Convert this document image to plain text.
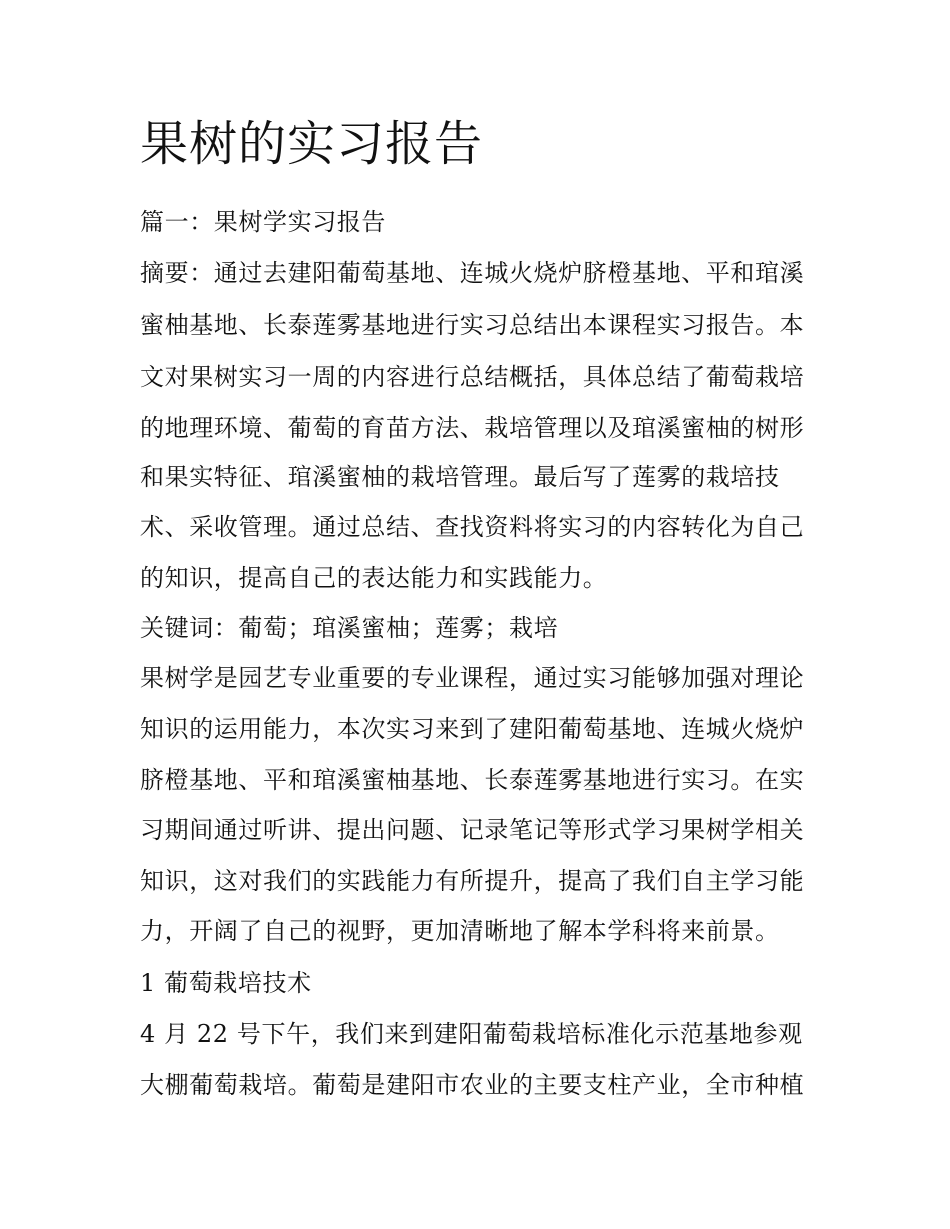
果树的实习报告
篇一：果树学实习报告
摘要：通过去建阳葡萄基地、连城火烧炉脐橙基地、平和琯溪
蜜柚基地、长泰莲雾基地进行实习总结出本课程实习报告。本
文对果树实习一周的内容进行总结概括，具体总结了葡萄栽培
的地理环境、葡萄的育苗方法、栽培管理以及琯溪蜜柚的树形
和果实特征、琯溪蜜柚的栽培管理。最后写了莲雾的栽培技
术、采收管理。通过总结、查找资料将实习的内容转化为自己
的知识，提高自己的表达能力和实践能力。
关键词：葡萄；琯溪蜜柚；莲雾；栽培
果树学是园艺专业重要的专业课程，通过实习能够加强对理论
知识的运用能力，本次实习来到了建阳葡萄基地、连城火烧炉
脐橙基地、平和琯溪蜜柚基地、长泰莲雾基地进行实习。在实
习期间通过听讲、提出问题、记录笔记等形式学习果树学相关
知识，这对我们的实践能力有所提升，提高了我们自主学习能
力，开阔了自己的视野，更加清晰地了解本学科将来前景。
1 葡萄栽培技术
4 月 22 号下午，我们来到建阳葡萄栽培标准化示范基地参观
大棚葡萄栽培。葡萄是建阳市农业的主要支柱产业，全市种植
